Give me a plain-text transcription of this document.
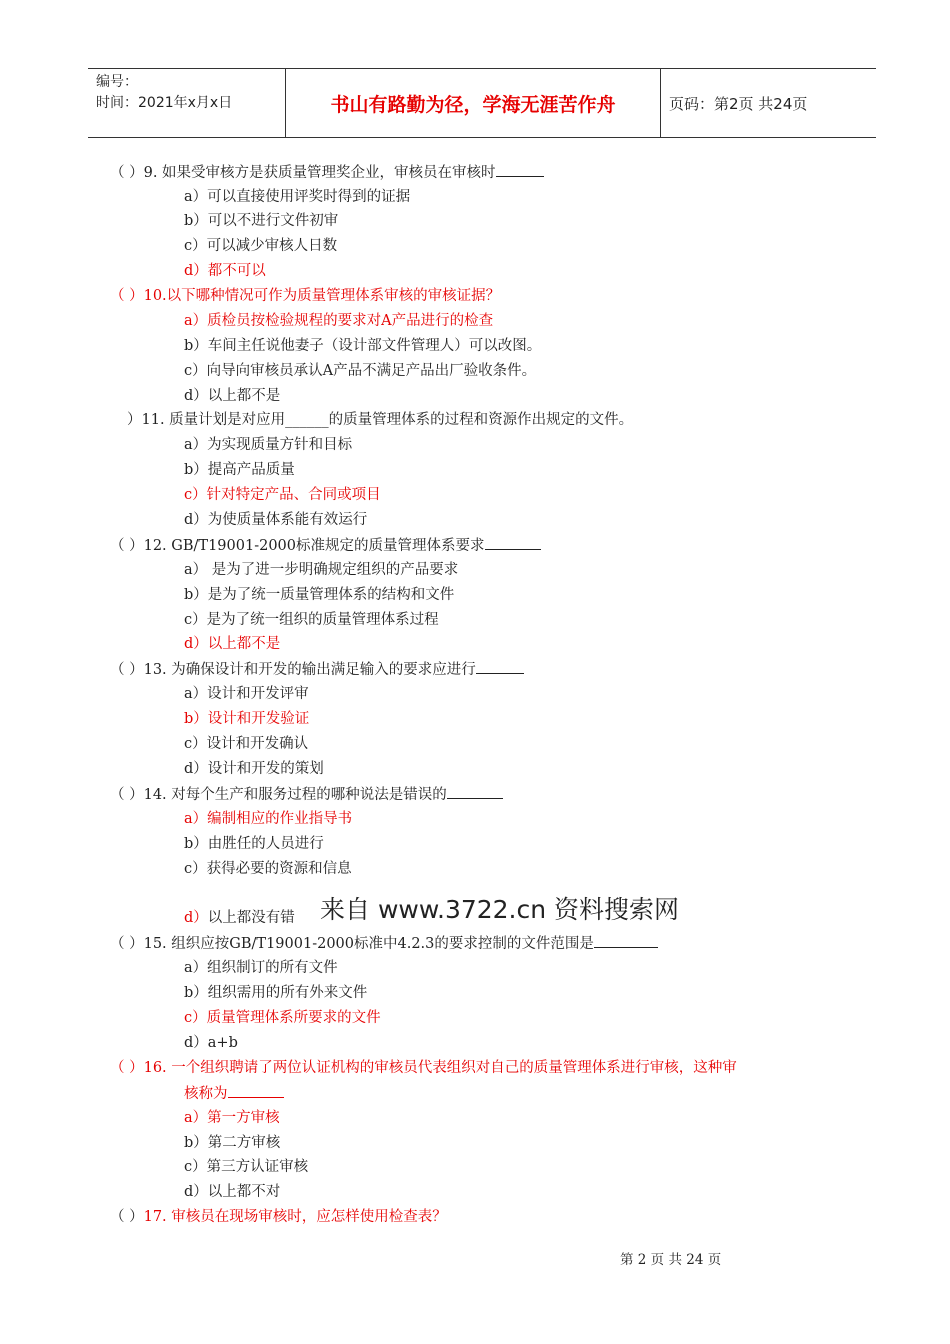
编号：
时间：2021年x月x日	书山有路勤为径，学海无涯苦作舟	页码：第2页 共24页
（ ）9. 如果受审核方是获质量管理奖企业，审核员在审核时
a）可以直接使用评奖时得到的证据
b）可以不进行文件初审
c）可以减少审核人日数
d）都不可以
（ ）10.以下哪种情况可作为质量管理体系审核的审核证据？
a）质检员按检验规程的要求对A产品进行的检查
b）车间主任说他妻子（设计部文件管理人）可以改图。
c）向导向审核员承认A产品不满足产品出厂验收条件。
d）以上都不是
）11. 质量计划是对应用______的质量管理体系的过程和资源作出规定的文件。
a）为实现质量方针和目标
b）提高产品质量
c）针对特定产品、合同或项目
d）为使质量体系能有效运行
（ ）12. GB/T19001-2000标准规定的质量管理体系要求
a） 是为了进一步明确规定组织的产品要求
b）是为了统一质量管理体系的结构和文件
c）是为了统一组织的质量管理体系过程
d）以上都不是
（ ）13. 为确保设计和开发的输出满足输入的要求应进行
a）设计和开发评审
b）设计和开发验证
c）设计和开发确认
d）设计和开发的策划
（ ）14. 对每个生产和服务过程的哪种说法是错误的
a）编制相应的作业指导书
b）由胜任的人员进行
c）获得必要的资源和信息
来自 www.3722.cn 资料搜索网
d）以上都没有错
（ ）15. 组织应按GB/T19001-2000标准中4.2.3的要求控制的文件范围是
a）组织制订的所有文件
b）组织需用的所有外来文件
c）质量管理体系所要求的文件
d）a+b
（ ）16. 一个组织聘请了两位认证机构的审核员代表组织对自己的质量管理体系进行审核，这种审
核称为
a）第一方审核
b）第二方审核
c）第三方认证审核
d）以上都不对
（ ）17. 审核员在现场审核时，应怎样使用检查表？
第 2 页 共 24 页
